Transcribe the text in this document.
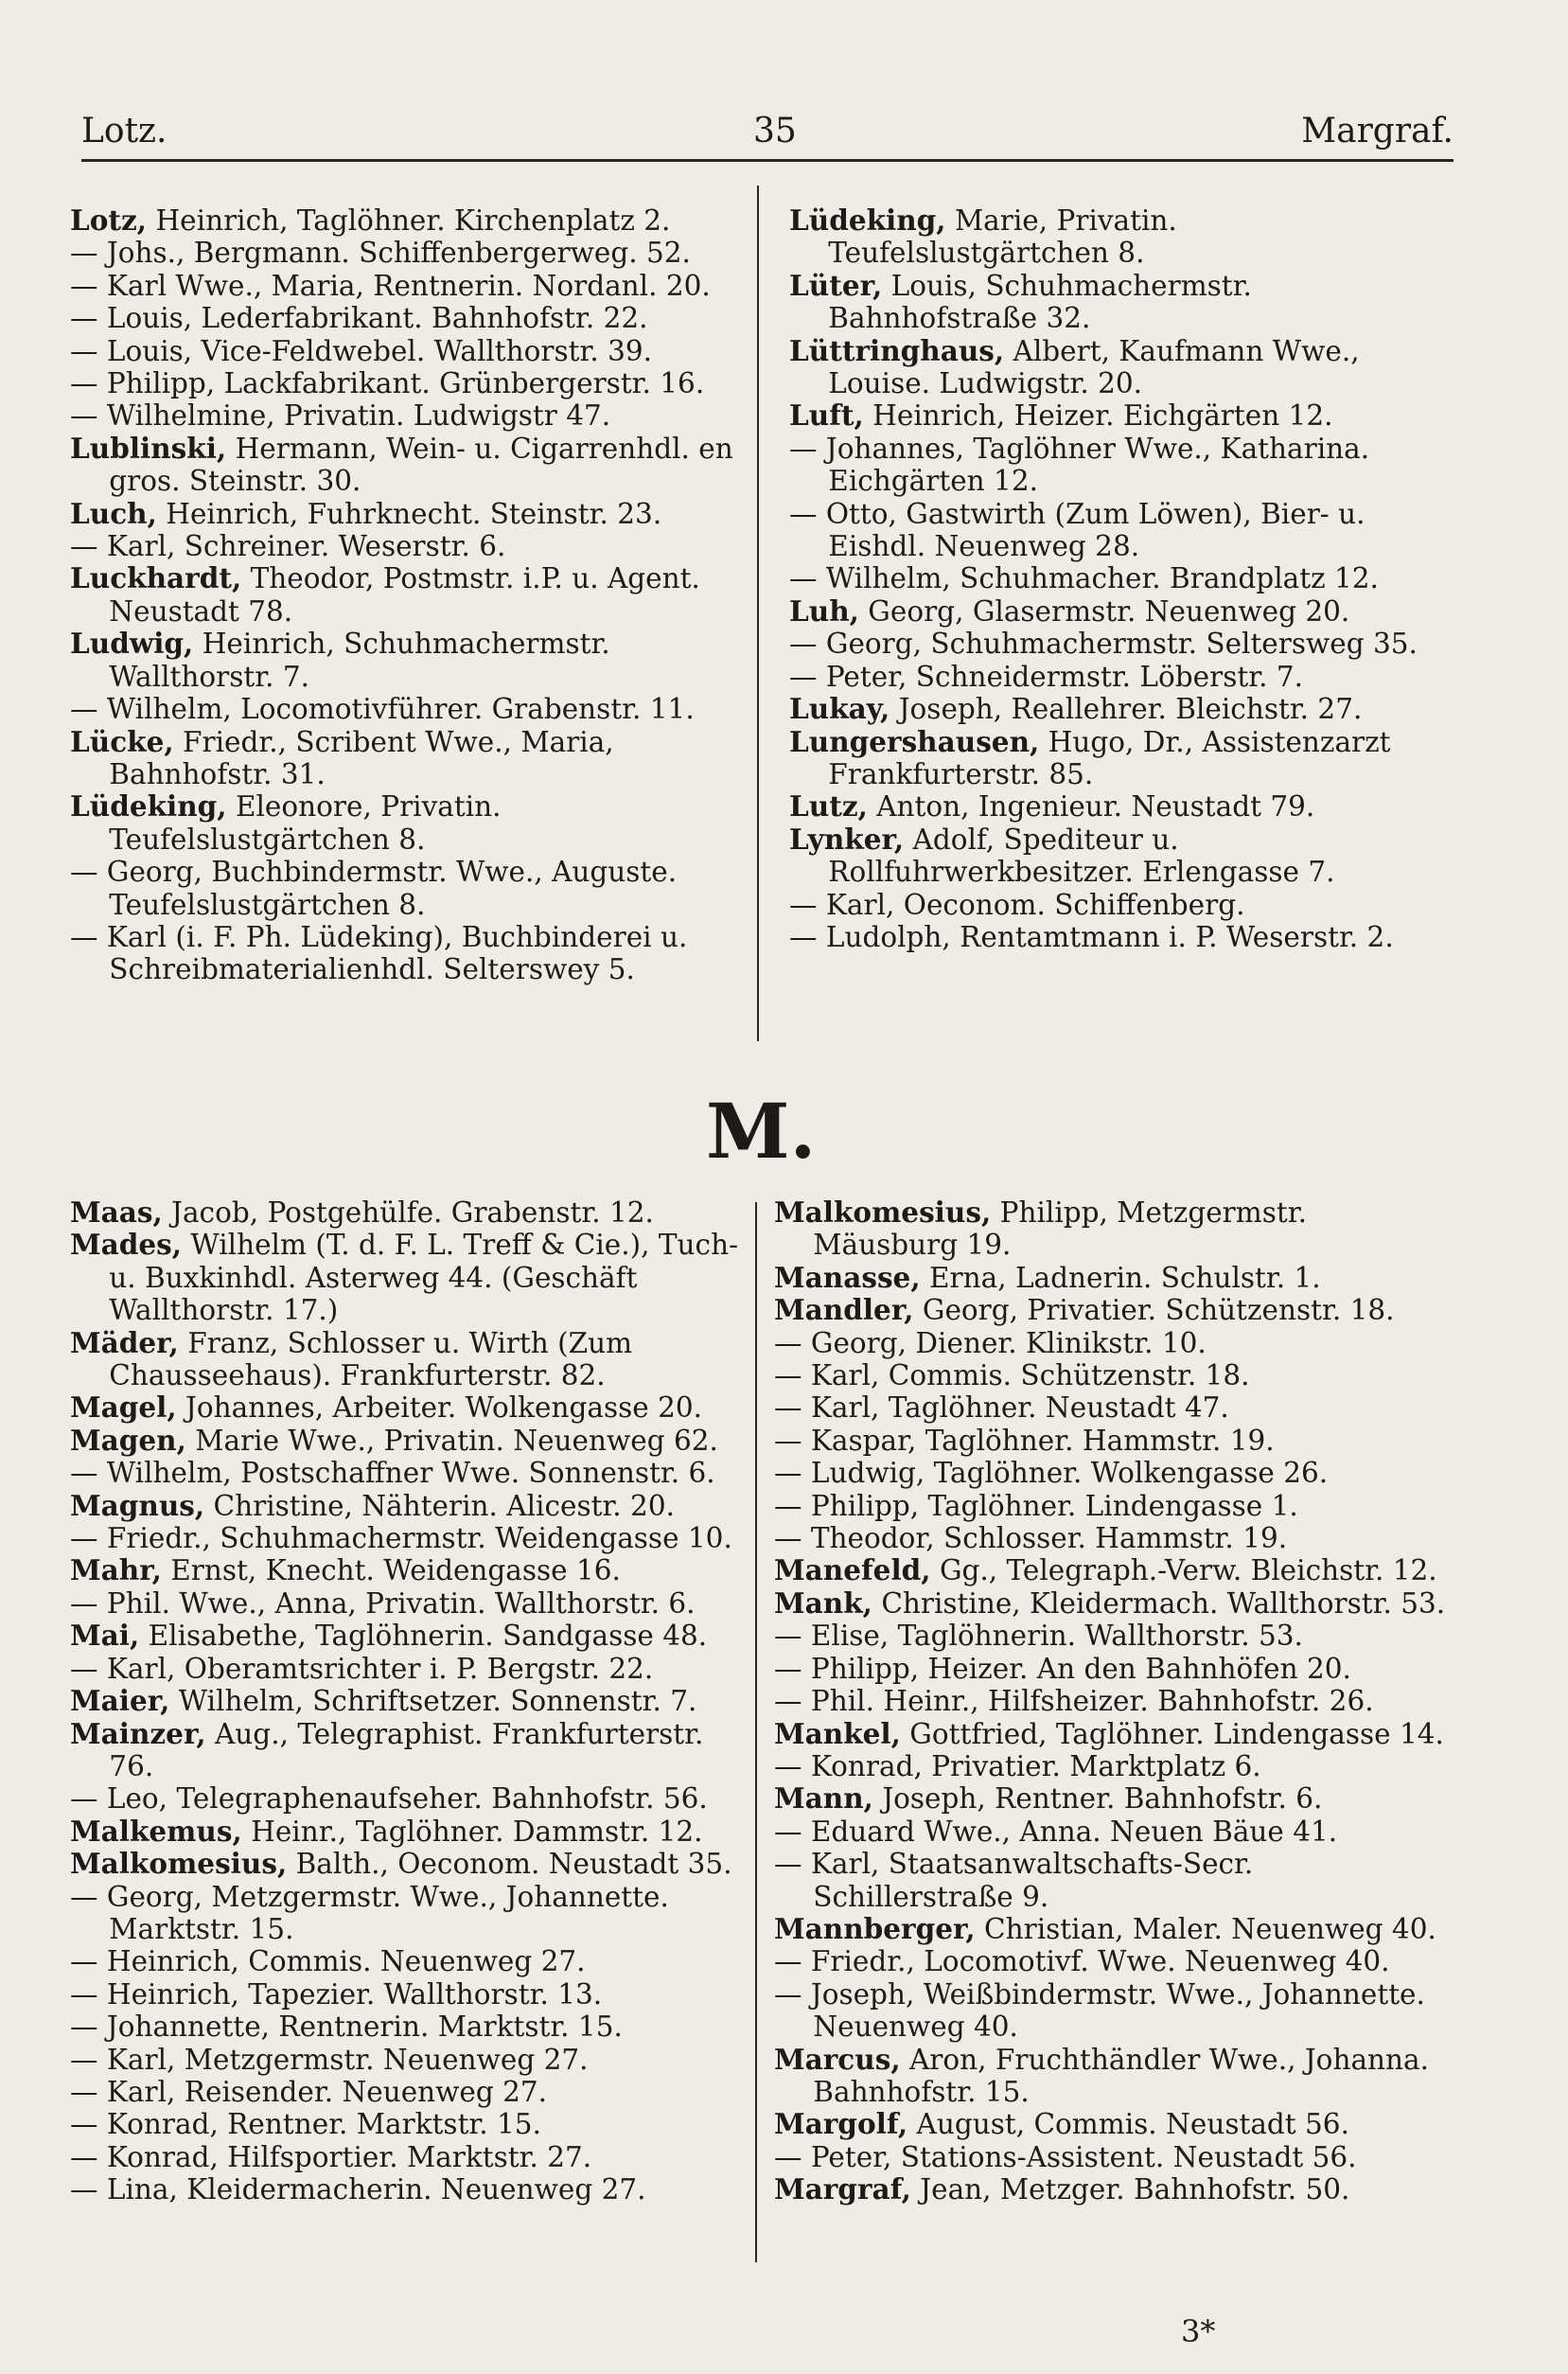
Lotz.	35	Margraf.
Lotz, Heinrich, Taglöhner. Kirchenplatz 2.
— Johs., Bergmann. Schiffenbergerweg. 52.
— Karl Wwe., Maria, Rentnerin. Nordanl. 20.
— Louis, Lederfabrikant. Bahnhofstr. 22.
— Louis, Vice-Feldwebel. Wallthorstr. 39.
— Philipp, Lackfabrikant. Grünbergerstr. 16.
— Wilhelmine, Privatin. Ludwigstr 47.
Lublinski, Hermann, Wein- u. Cigarrenhdl. en gros. Steinstr. 30.
Luch, Heinrich, Fuhrknecht. Steinstr. 23.
— Karl, Schreiner. Weserstr. 6.
Luckhardt, Theodor, Postmstr. i.P. u. Agent. Neustadt 78.
Ludwig, Heinrich, Schuhmachermstr. Wallthorstr. 7.
— Wilhelm, Locomotivführer. Grabenstr. 11.
Lücke, Friedr., Scribent Wwe., Maria, Bahnhofstr. 31.
Lüdeking, Eleonore, Privatin. Teufelslustgärtchen 8.
— Georg, Buchbindermstr. Wwe., Auguste. Teufelslustgärtchen 8.
— Karl (i. F. Ph. Lüdeking), Buchbinderei u. Schreibmaterialienhdl. Selterswey 5.
Lüdeking, Marie, Privatin. Teufelslustgärtchen 8.
Lüter, Louis, Schuhmachermstr. Bahnhofstraße 32.
Lüttringhaus, Albert, Kaufmann Wwe., Louise. Ludwigstr. 20.
Luft, Heinrich, Heizer. Eichgärten 12.
— Johannes, Taglöhner Wwe., Katharina. Eichgärten 12.
— Otto, Gastwirth (Zum Löwen), Bier- u. Eishdl. Neuenweg 28.
— Wilhelm, Schuhmacher. Brandplatz 12.
Luh, Georg, Glasermstr. Neuenweg 20.
— Georg, Schuhmachermstr. Seltersweg 35.
— Peter, Schneidermstr. Löberstr. 7.
Lukay, Joseph, Reallehrer. Bleichstr. 27.
Lungershausen, Hugo, Dr., Assistenzarzt Frankfurterstr. 85.
Lutz, Anton, Ingenieur. Neustadt 79.
Lynker, Adolf, Spediteur u. Rollfuhrwerkbesitzer. Erlengasse 7.
— Karl, Oeconom. Schiffenberg.
— Ludolph, Rentamtmann i. P. Weserstr. 2.
M.
Maas, Jacob, Postgehülfe. Grabenstr. 12.
Mades, Wilhelm (T. d. F. L. Treff & Cie.), Tuch- u. Buxkinhdl. Asterweg 44. (Geschäft Wallthorstr. 17.)
Mäder, Franz, Schlosser u. Wirth (Zum Chausseehaus). Frankfurterstr. 82.
Magel, Johannes, Arbeiter. Wolkengasse 20.
Magen, Marie Wwe., Privatin. Neuenweg 62.
— Wilhelm, Postschaffner Wwe. Sonnenstr. 6.
Magnus, Christine, Nähterin. Alicestr. 20.
— Friedr., Schuhmachermstr. Weidengasse 10.
Mahr, Ernst, Knecht. Weidengasse 16.
— Phil. Wwe., Anna, Privatin. Wallthorstr. 6.
Mai, Elisabethe, Taglöhnerin. Sandgasse 48.
— Karl, Oberamtsrichter i. P. Bergstr. 22.
Maier, Wilhelm, Schriftsetzer. Sonnenstr. 7.
Mainzer, Aug., Telegraphist. Frankfurterstr. 76.
— Leo, Telegraphenaufseher. Bahnhofstr. 56.
Malkemus, Heinr., Taglöhner. Dammstr. 12.
Malkomesius, Balth., Oeconom. Neustadt 35.
— Georg, Metzgermstr. Wwe., Johannette. Marktstr. 15.
— Heinrich, Commis. Neuenweg 27.
— Heinrich, Tapezier. Wallthorstr. 13.
— Johannette, Rentnerin. Marktstr. 15.
— Karl, Metzgermstr. Neuenweg 27.
— Karl, Reisender. Neuenweg 27.
— Konrad, Rentner. Marktstr. 15.
— Konrad, Hilfsportier. Marktstr. 27.
— Lina, Kleidermacherin. Neuenweg 27.
Malkomesius, Philipp, Metzgermstr. Mäusburg 19.
Manasse, Erna, Ladnerin. Schulstr. 1.
Mandler, Georg, Privatier. Schützenstr. 18.
— Georg, Diener. Klinikstr. 10.
— Karl, Commis. Schützenstr. 18.
— Karl, Taglöhner. Neustadt 47.
— Kaspar, Taglöhner. Hammstr. 19.
— Ludwig, Taglöhner. Wolkengasse 26.
— Philipp, Taglöhner. Lindengasse 1.
— Theodor, Schlosser. Hammstr. 19.
Manefeld, Gg., Telegraph.-Verw. Bleichstr. 12.
Mank, Christine, Kleidermach. Wallthorstr. 53.
— Elise, Taglöhnerin. Wallthorstr. 53.
— Philipp, Heizer. An den Bahnhöfen 20.
— Phil. Heinr., Hilfsheizer. Bahnhofstr. 26.
Mankel, Gottfried, Taglöhner. Lindengasse 14.
— Konrad, Privatier. Marktplatz 6.
Mann, Joseph, Rentner. Bahnhofstr. 6.
— Eduard Wwe., Anna. Neuen Bäue 41.
— Karl, Staatsanwaltschafts-Secr. Schillerstraße 9.
Mannberger, Christian, Maler. Neuenweg 40.
— Friedr., Locomotivf. Wwe. Neuenweg 40.
— Joseph, Weißbindermstr. Wwe., Johannette. Neuenweg 40.
Marcus, Aron, Fruchthändler Wwe., Johanna. Bahnhofstr. 15.
Margolf, August, Commis. Neustadt 56.
— Peter, Stations-Assistent. Neustadt 56.
Margraf, Jean, Metzger. Bahnhofstr. 50.
3*
